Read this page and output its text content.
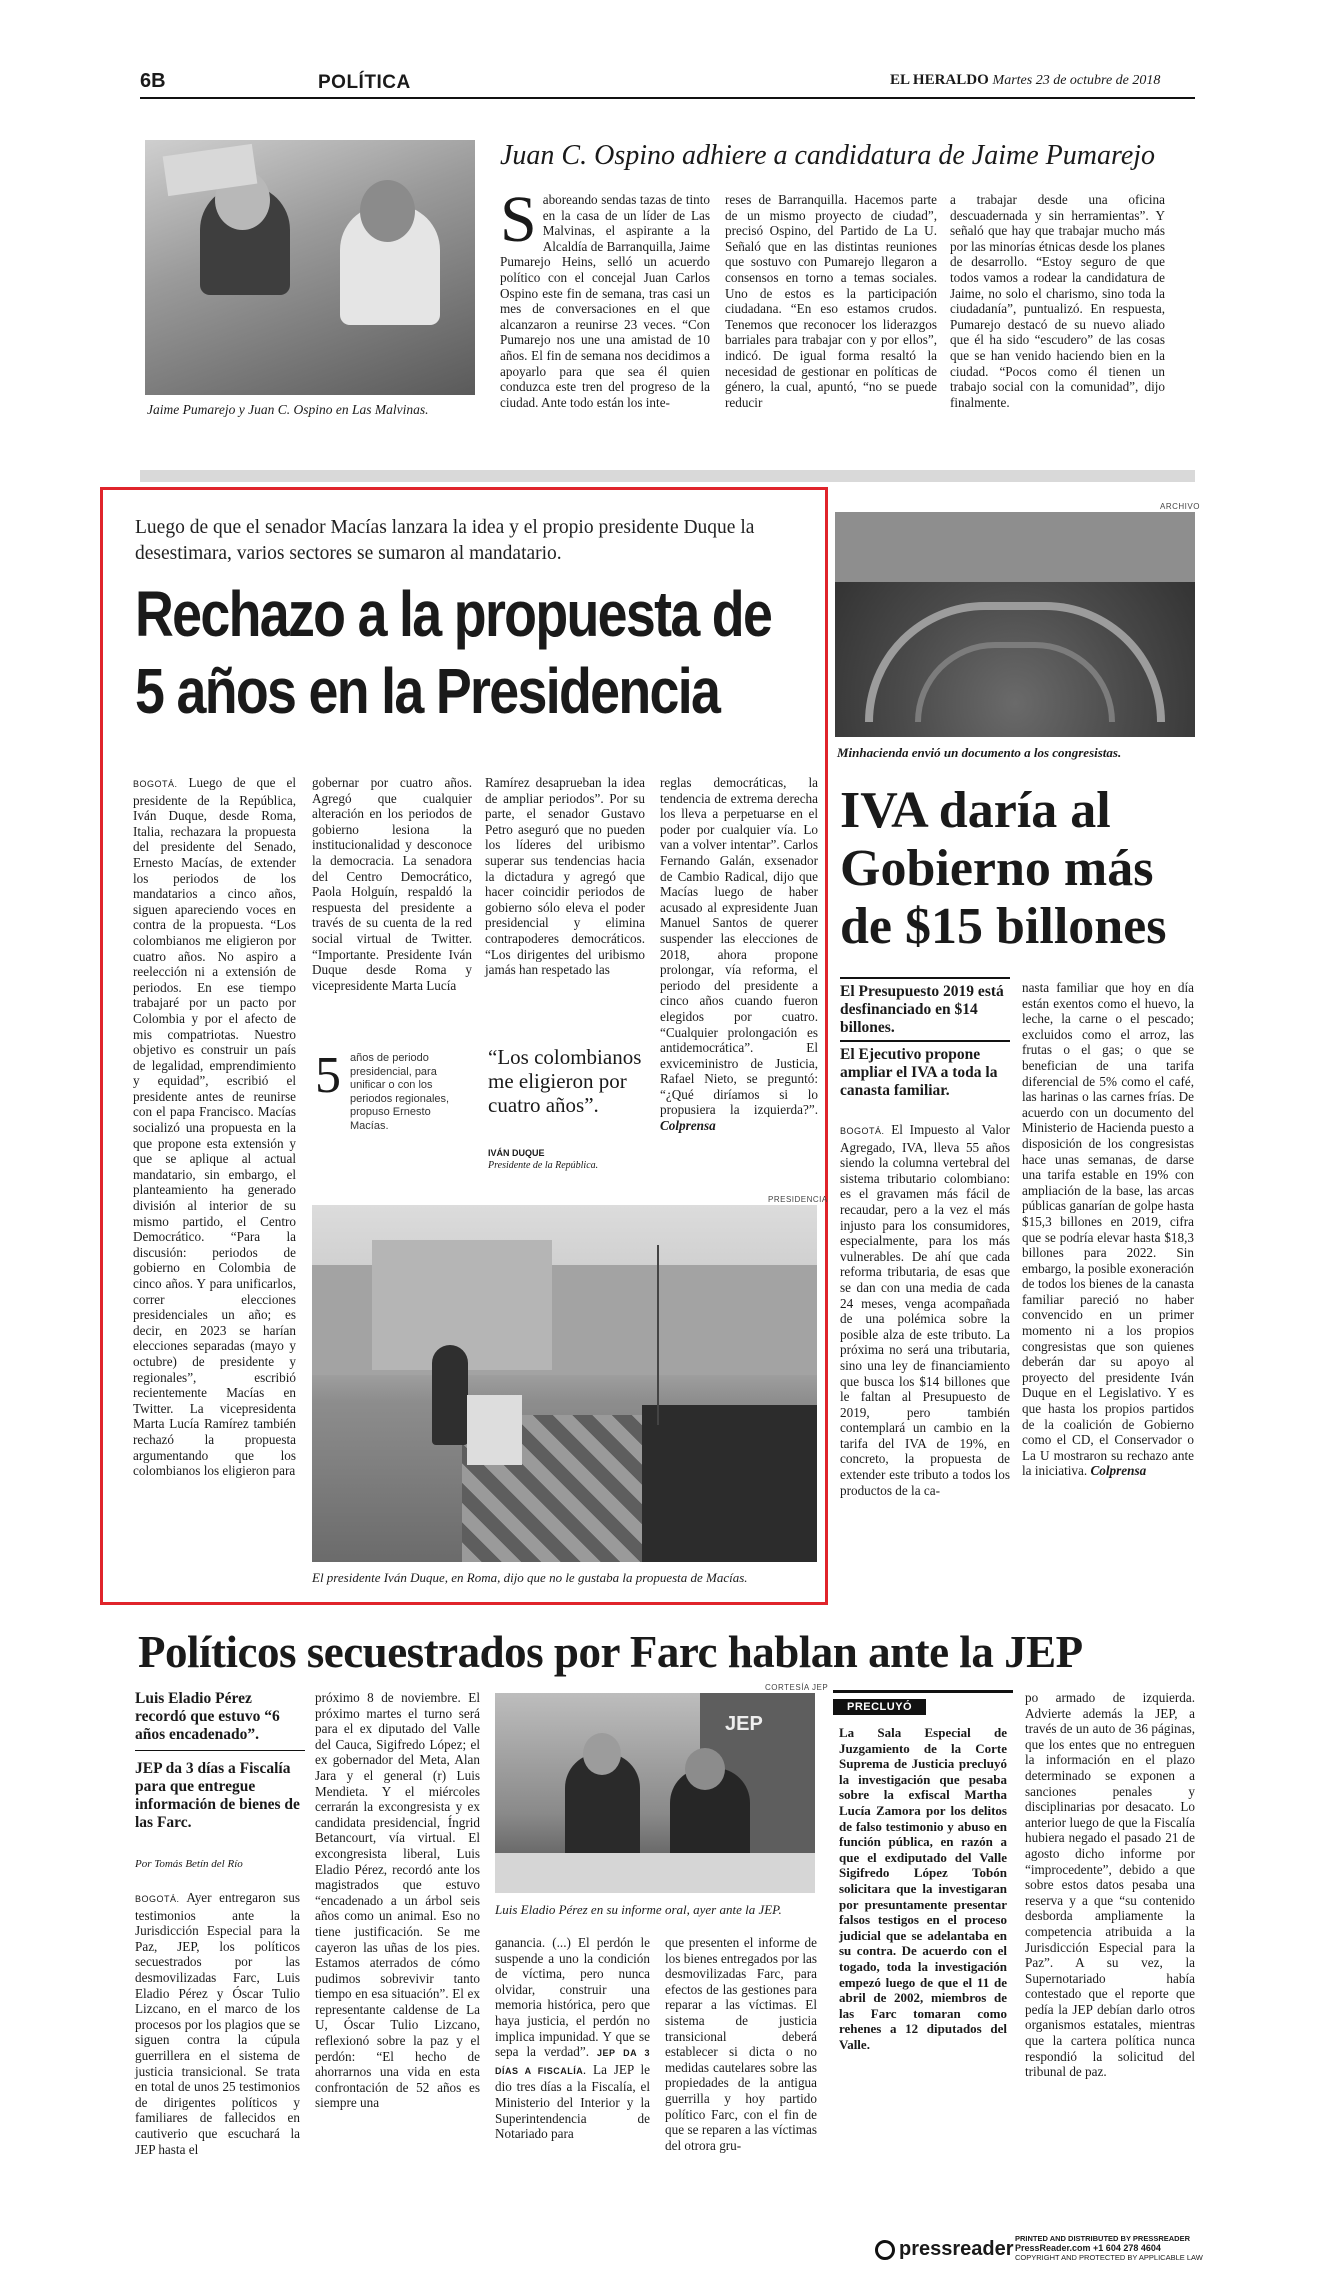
6B	POLÍTICA	EL HERALDO Martes 23 de octubre de 2018
Jaime Pumarejo y Juan C. Ospino en Las Malvinas.
Juan C. Ospino adhiere a candidatura de Jaime Pumarejo
Saboreando sendas tazas de tinto en la casa de un líder de Las Malvinas, el aspirante a la Alcaldía de Barranquilla, Jaime Pumarejo Heins, selló un acuerdo político con el concejal Juan Carlos Ospino este fin de semana, tras casi un mes de conversaciones en el que alcanzaron a reunirse 23 veces. “Con Pumarejo nos une una amistad de 10 años. El fin de semana nos decidimos a apoyarlo para que sea él quien conduzca este tren del progreso de la ciudad. Ante todo están los inte-
reses de Barranquilla. Hacemos parte de un mismo proyecto de ciudad”, precisó Ospino, del Partido de La U. Señaló que en las distintas reuniones que sostuvo con Pumarejo llegaron a consensos en torno a temas sociales. Uno de estos es la participación ciudadana. “En eso estamos crudos. Tenemos que reconocer los liderazgos barriales para trabajar con y por ellos”, indicó. De igual forma resaltó la necesidad de gestionar en políticas de género, la cual, apuntó, “no se puede reducir
a trabajar desde una oficina descuadernada y sin herramientas”. Y señaló que hay que trabajar mucho más por las minorías étnicas desde los planes de desarrollo. “Estoy seguro de que todos vamos a rodear la candidatura de Jaime, no solo el charismo, sino toda la ciudadanía”, puntualizó. En respuesta, Pumarejo destacó de su nuevo aliado que él ha sido “escudero” de las cosas que se han venido haciendo bien en la ciudad. “Pocos como él tienen un trabajo social con la comunidad”, dijo finalmente.
Luego de que el senador Macías lanzara la idea y el propio presidente Duque la desestimara, varios sectores se sumaron al mandatario.
Rechazo a la propuesta de
5 años en la Presidencia
BOGOTÁ. Luego de que el presidente de la República, Iván Duque, desde Roma, Italia, rechazara la propuesta del presidente del Senado, Ernesto Macías, de extender los periodos de los mandatarios a cinco años, siguen apareciendo voces en contra de la propuesta. “Los colombianos me eligieron por cuatro años. No aspiro a reelección ni a extensión de periodos. En ese tiempo trabajaré por un pacto por Colombia y por el afecto de mis compatriotas. Nuestro objetivo es construir un país de legalidad, emprendimiento y equidad”, escribió el presidente antes de reunirse con el papa Francisco. Macías socializó una propuesta en la que propone esta extensión y que se aplique al actual mandatario, sin embargo, el planteamiento ha generado división al interior de su mismo partido, el Centro Democrático. “Para la discusión: periodos de gobierno en Colombia de cinco años. Y para unificarlos, correr elecciones presidenciales un año; es decir, en 2023 se harían elecciones separadas (mayo y octubre) de presidente y regionales”, escribió recientemente Macías en Twitter. La vicepresidenta Marta Lucía Ramírez también rechazó la propuesta argumentando que los colombianos los eligieron para
gobernar por cuatro años. Agregó que cualquier alteración en los periodos de gobierno lesiona la institucionalidad y desconoce la democracia. La senadora del Centro Democrático, Paola Holguín, respaldó la respuesta del presidente a través de su cuenta de la red social virtual de Twitter. “Importante. Presidente Iván Duque desde Roma y vicepresidente Marta Lucía
Ramírez desaprueban la idea de ampliar periodos”. Por su parte, el senador Gustavo Petro aseguró que no pueden los líderes del uribismo superar sus tendencias hacia la dictadura y agregó que hacer coincidir periodos de gobierno sólo eleva el poder presidencial y elimina contrapoderes democráticos. “Los dirigentes del uribismo jamás han respetado las
reglas democráticas, la tendencia de extrema derecha los lleva a perpetuarse en el poder por cualquier vía. Lo van a volver intentar”. Carlos Fernando Galán, exsenador de Cambio Radical, dijo que Macías luego de haber acusado al expresidente Juan Manuel Santos de querer suspender las elecciones de 2018, ahora propone prolongar, vía reforma, el periodo del presidente a cinco años cuando fueron elegidos por cuatro. “Cualquier prolongación es antidemocrática”. El exviceministro de Justicia, Rafael Nieto, se preguntó: “¿Qué diríamos si lo propusiera la izquierda?”. Colprensa
5 años de periodo presidencial, para unificar o con los periodos regionales, propuso Ernesto Macías.
“Los colombianos me eligieron por cuatro años”.
IVÁN DUQUE
Presidente de la República.
PRESIDENCIA
El presidente Iván Duque, en Roma, dijo que no le gustaba la propuesta de Macías.
ARCHIVO
Minhacienda envió un documento a los congresistas.
IVA daría al
Gobierno más
de $15 billones
El Presupuesto 2019 está desfinanciado en $14 billones.
El Ejecutivo propone ampliar el IVA a toda la canasta familiar.
BOGOTÁ. El Impuesto al Valor Agregado, IVA, lleva 55 años siendo la columna vertebral del sistema tributario colombiano: es el gravamen más fácil de recaudar, pero a la vez el más injusto para los consumidores, especialmente, para los más vulnerables. De ahí que cada reforma tributaria, de esas que se dan con una media de cada 24 meses, venga acompañada de una polémica sobre la posible alza de este tributo. La próxima no será una tributaria, sino una ley de financiamiento que busca los $14 billones que le faltan al Presupuesto de 2019, pero también contemplará un cambio en la tarifa del IVA de 19%, en concreto, la propuesta de extender este tributo a todos los productos de la ca-
nasta familiar que hoy en día están exentos como el huevo, la leche, la carne o el pescado; excluidos como el arroz, las frutas o el gas; o que se benefician de una tarifa diferencial de 5% como el café, las harinas o las carnes frías. De acuerdo con un documento del Ministerio de Hacienda puesto a disposición de los congresistas hace unas semanas, de darse una tarifa estable en 19% con ampliación de la base, las arcas públicas ganarían de golpe hasta $15,3 billones en 2019, cifra que se podría elevar hasta $18,3 billones para 2022. Sin embargo, la posible exoneración de todos los bienes de la canasta familiar pareció no haber convencido en un primer momento ni a los propios congresistas que son quienes deberán dar su apoyo al proyecto del presidente Iván Duque en el Legislativo. Y es que hasta los propios partidos de la coalición de Gobierno como el CD, el Conservador o La U mostraron su rechazo ante la iniciativa. Colprensa
Políticos secuestrados por Farc hablan ante la JEP
Luis Eladio Pérez recordó que estuvo “6 años encadenado”.
JEP da 3 días a Fiscalía para que entregue información de bienes de las Farc.
Por Tomás Betín del Río
BOGOTÁ. Ayer entregaron sus testimonios ante la Jurisdicción Especial para la Paz, JEP, los políticos secuestrados por las desmovilizadas Farc, Luis Eladio Pérez y Óscar Tulio Lizcano, en el marco de los procesos por los plagios que se siguen contra la cúpula guerrillera en el sistema de justicia transicional. Se trata en total de unos 25 testimonios de dirigentes políticos y familiares de fallecidos en cautiverio que escuchará la JEP hasta el
próximo 8 de noviembre. El próximo martes el turno será para el ex diputado del Valle del Cauca, Sigifredo López; el ex gobernador del Meta, Alan Jara y el general (r) Luis Mendieta. Y el miércoles cerrarán la excongresista y ex candidata presidencial, Íngrid Betancourt, vía virtual. El excongresista liberal, Luis Eladio Pérez, recordó ante los magistrados que estuvo “encadenado a un árbol seis años como un animal. Eso no tiene justificación. Se me cayeron las uñas de los pies. Estamos aterrados de cómo pudimos sobrevivir tanto tiempo en esa situación”. El ex representante caldense de La U, Óscar Tulio Lizcano, reflexionó sobre la paz y el perdón: “El hecho de ahorrarnos una vida en esta confrontación de 52 años es siempre una
CORTESÍA JEP
JEP
Luis Eladio Pérez en su informe oral, ayer ante la JEP.
ganancia. (...) El perdón le suspende a uno la condición de víctima, pero nunca olvidar, construir una memoria histórica, pero que haya justicia, el perdón no implica impunidad. Y que se sepa la verdad”. JEP DA 3 DÍAS A FISCALÍA. La JEP le dio tres días a la Fiscalía, el Ministerio del Interior y la Superintendencia de Notariado para
que presenten el informe de los bienes entregados por las desmovilizadas Farc, para efectos de las gestiones para reparar a las víctimas. El sistema de justicia transicional deberá establecer si dicta o no medidas cautelares sobre las propiedades de la antigua guerrilla y hoy partido político Farc, con el fin de que se reparen a las víctimas del otrora gru-
PRECLUYÓ
La Sala Especial de Juzgamiento de la Corte Suprema de Justicia precluyó la investigación que pesaba sobre la exfiscal Martha Lucía Zamora por los delitos de falso testimonio y abuso en función pública, en razón a que el exdiputado del Valle Sigifredo López Tobón solicitara que la investigaran por presuntamente presentar falsos testigos en el proceso judicial que se adelantaba en su contra. De acuerdo con el togado, toda la investigación empezó luego de que el 11 de abril de 2002, miembros de las Farc tomaran como rehenes a 12 diputados del Valle.
po armado de izquierda. Advierte además la JEP, a través de un auto de 36 páginas, que los entes que no entreguen la información en el plazo determinado se exponen a sanciones penales y disciplinarias por desacato. Lo anterior luego de que la Fiscalía hubiera negado el pasado 21 de agosto dicho informe por “improcedente”, debido a que sobre estos datos pesaba una reserva y a que “su contenido desborda ampliamente la competencia atribuida a la Jurisdicción Especial para la Paz”. A su vez, la Supernotariado había contestado que el reporte que pedía la JEP debían darlo otros organismos estatales, mientras que la cartera política nunca respondió la solicitud del tribunal de paz.
pressreader PRINTED AND DISTRIBUTED BY PRESSREADER
PressReader.com +1 604 278 4604
COPYRIGHT AND PROTECTED BY APPLICABLE LAW
